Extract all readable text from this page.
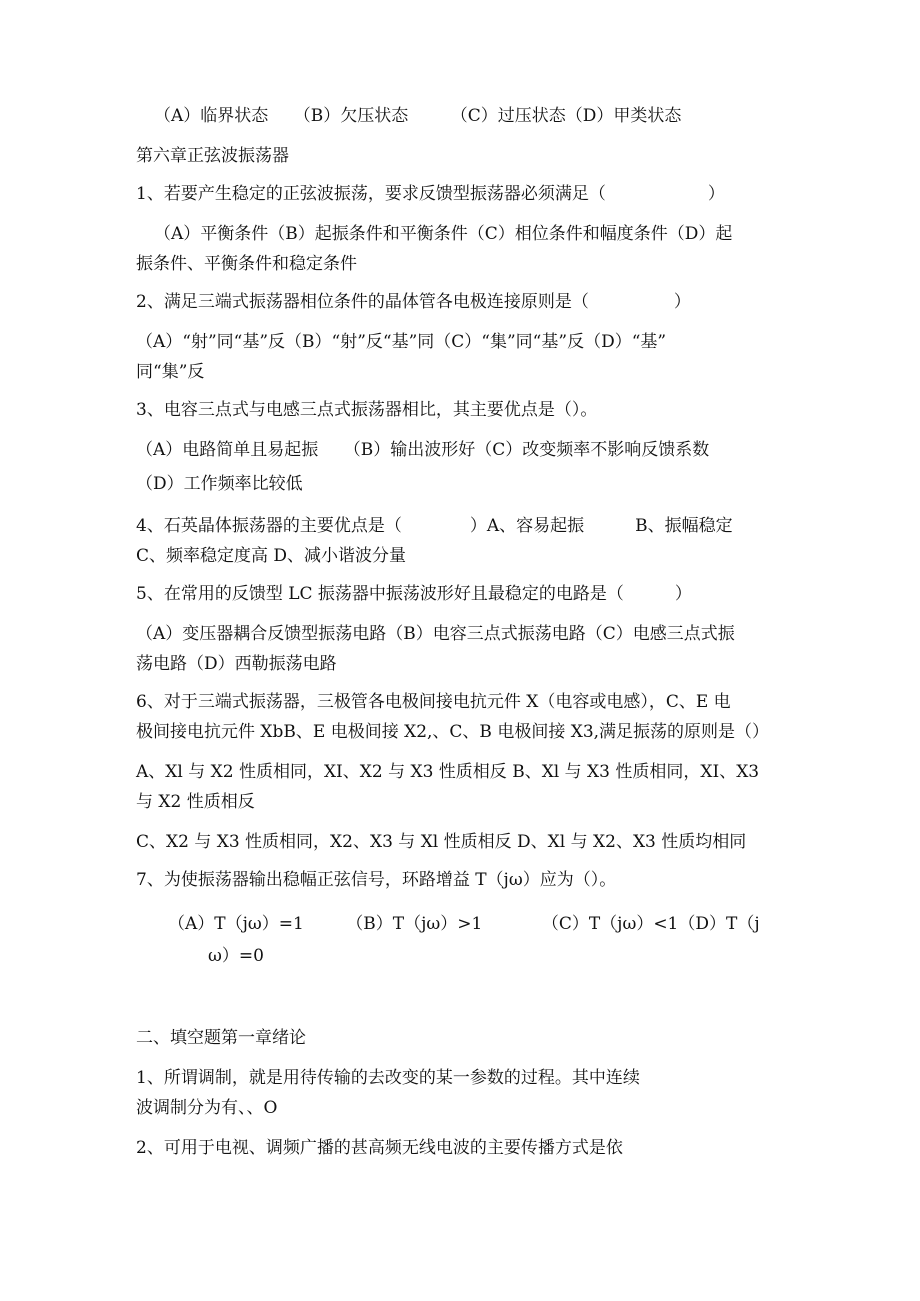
（A）临界状态　　（B）欠压状态　　　（C）过压状态（D）甲类状态
第六章正弦波振荡器
1、若要产生稳定的正弦波振荡，要求反馈型振荡器必须满足（　　　　　　）
（A）平衡条件（B）起振条件和平衡条件（C）相位条件和幅度条件（D）起
振条件、平衡条件和稳定条件
2、满足三端式振荡器相位条件的晶体管各电极连接原则是（　　　　　）
（A）“射”同“基”反（B）“射”反“基”同（C）“集”同“基”反（D）“基”
同“集”反
3、电容三点式与电感三点式振荡器相比，其主要优点是（）。
（A）电路简单且易起振　　（B）输出波形好（C）改变频率不影响反馈系数
（D）工作频率比较低
4、石英晶体振荡器的主要优点是（　　　　）A、容易起振　　　B、振幅稳定
C、频率稳定度高 D、减小谐波分量
5、在常用的反馈型 LC 振荡器中振荡波形好且最稳定的电路是（　　　）
（A）变压器耦合反馈型振荡电路（B）电容三点式振荡电路（C）电感三点式振
荡电路（D）西勒振荡电路
6、对于三端式振荡器，三极管各电极间接电抗元件 X（电容或电感），C、E 电
极间接电抗元件 XbB、E 电极间接 X2,、C、B 电极间接 X3,满足振荡的原则是（）
A、Xl 与 X2 性质相同，XI、X2 与 X3 性质相反 B、Xl 与 X3 性质相同，XI、X3
与 X2 性质相反
C、X2 与 X3 性质相同，X2、X3 与 Xl 性质相反 D、Xl 与 X2、X3 性质均相同
7、为使振荡器输出稳幅正弦信号，环路增益 T（jω）应为（）。
（A）T（jω）=1　　　（B）T（jω）>1　　　　（C）T（jω）<1（D）T（j
ω）=0
二、填空题第一章绪论
1、所谓调制，就是用待传输的去改变的某一参数的过程。其中连续
波调制分为有、、O
2、可用于电视、调频广播的甚高频无线电波的主要传播方式是依
